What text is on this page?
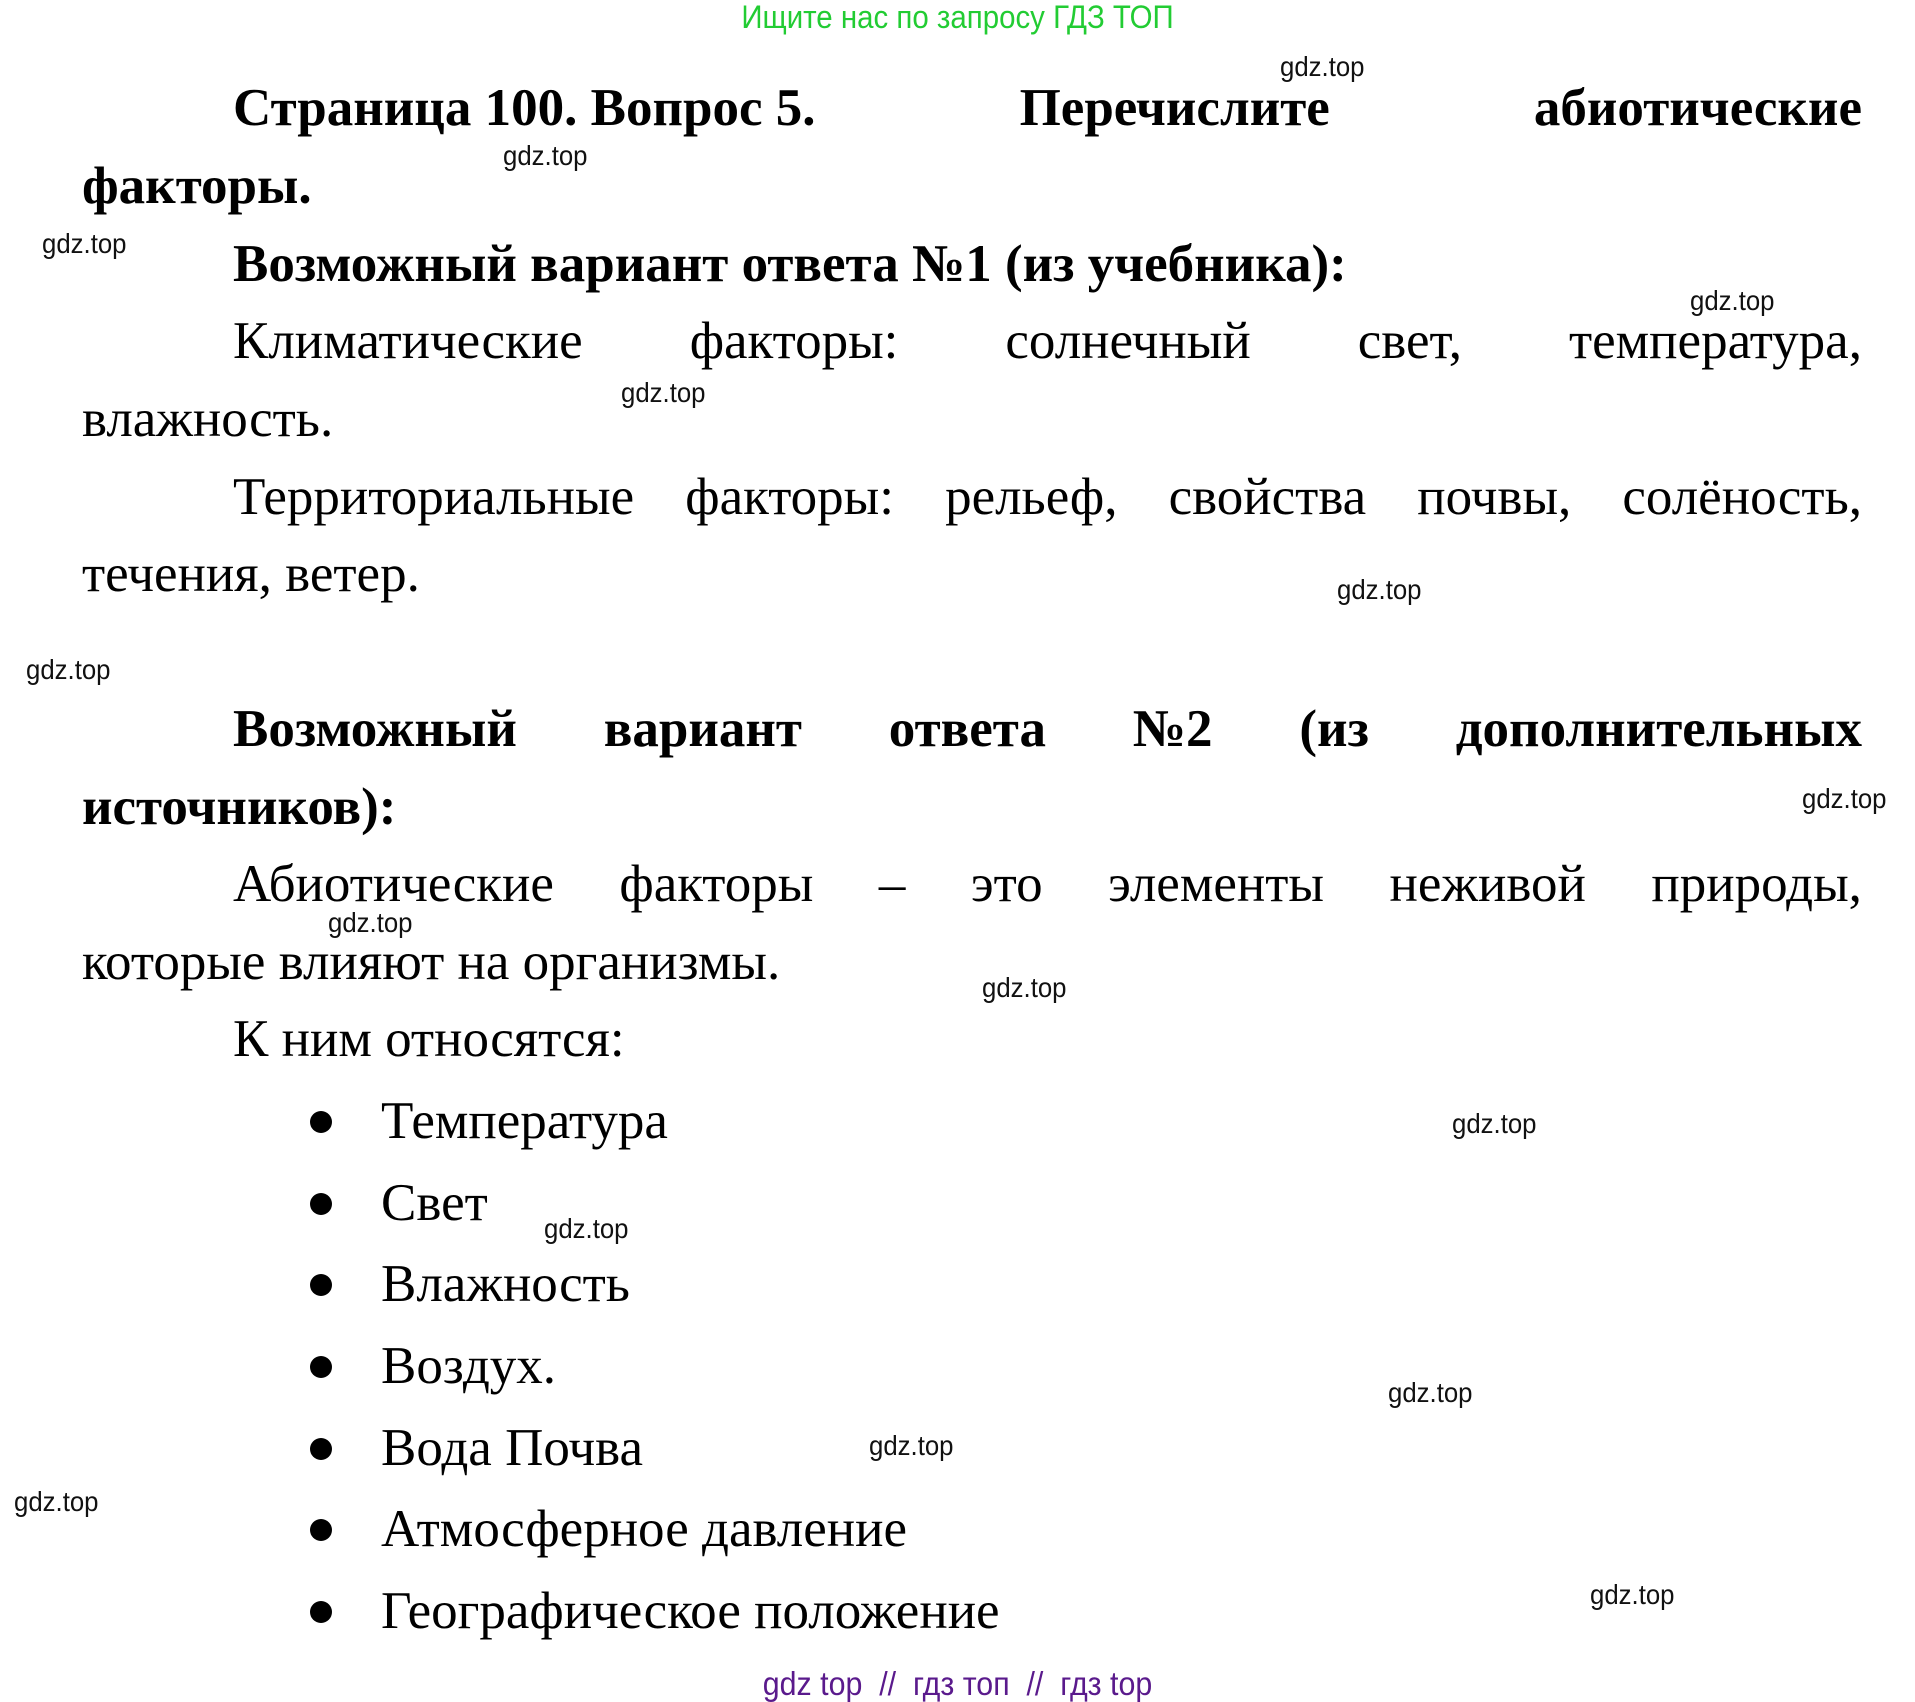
Ищите нас по запросу ГДЗ ТОП
Страница 100. Вопрос 5.	Перечислите	абиотические
факторы.
Возможный вариант ответа №1 (из учебника):
Климатические факторы: солнечный свет, температура,
влажность.
Территориальные факторы: рельеф, свойства почвы, солёность,
течения, ветер.
Возможный вариант ответа №2 (из дополнительных
источников):
Абиотические факторы – это элементы неживой природы,
которые влияют на организмы.
К ним относятся:
Температура
Свет
Влажность
Воздух.
Вода Почва
Атмосферное давление
Географическое положение
gdz.top
gdz.top
gdz.top
gdz.top
gdz.top
gdz.top
gdz.top
gdz.top
gdz.top
gdz.top
gdz.top
gdz.top
gdz.top
gdz.top
gdz.top
gdz.top
gdz top  //  гдз топ  //  гдз top
